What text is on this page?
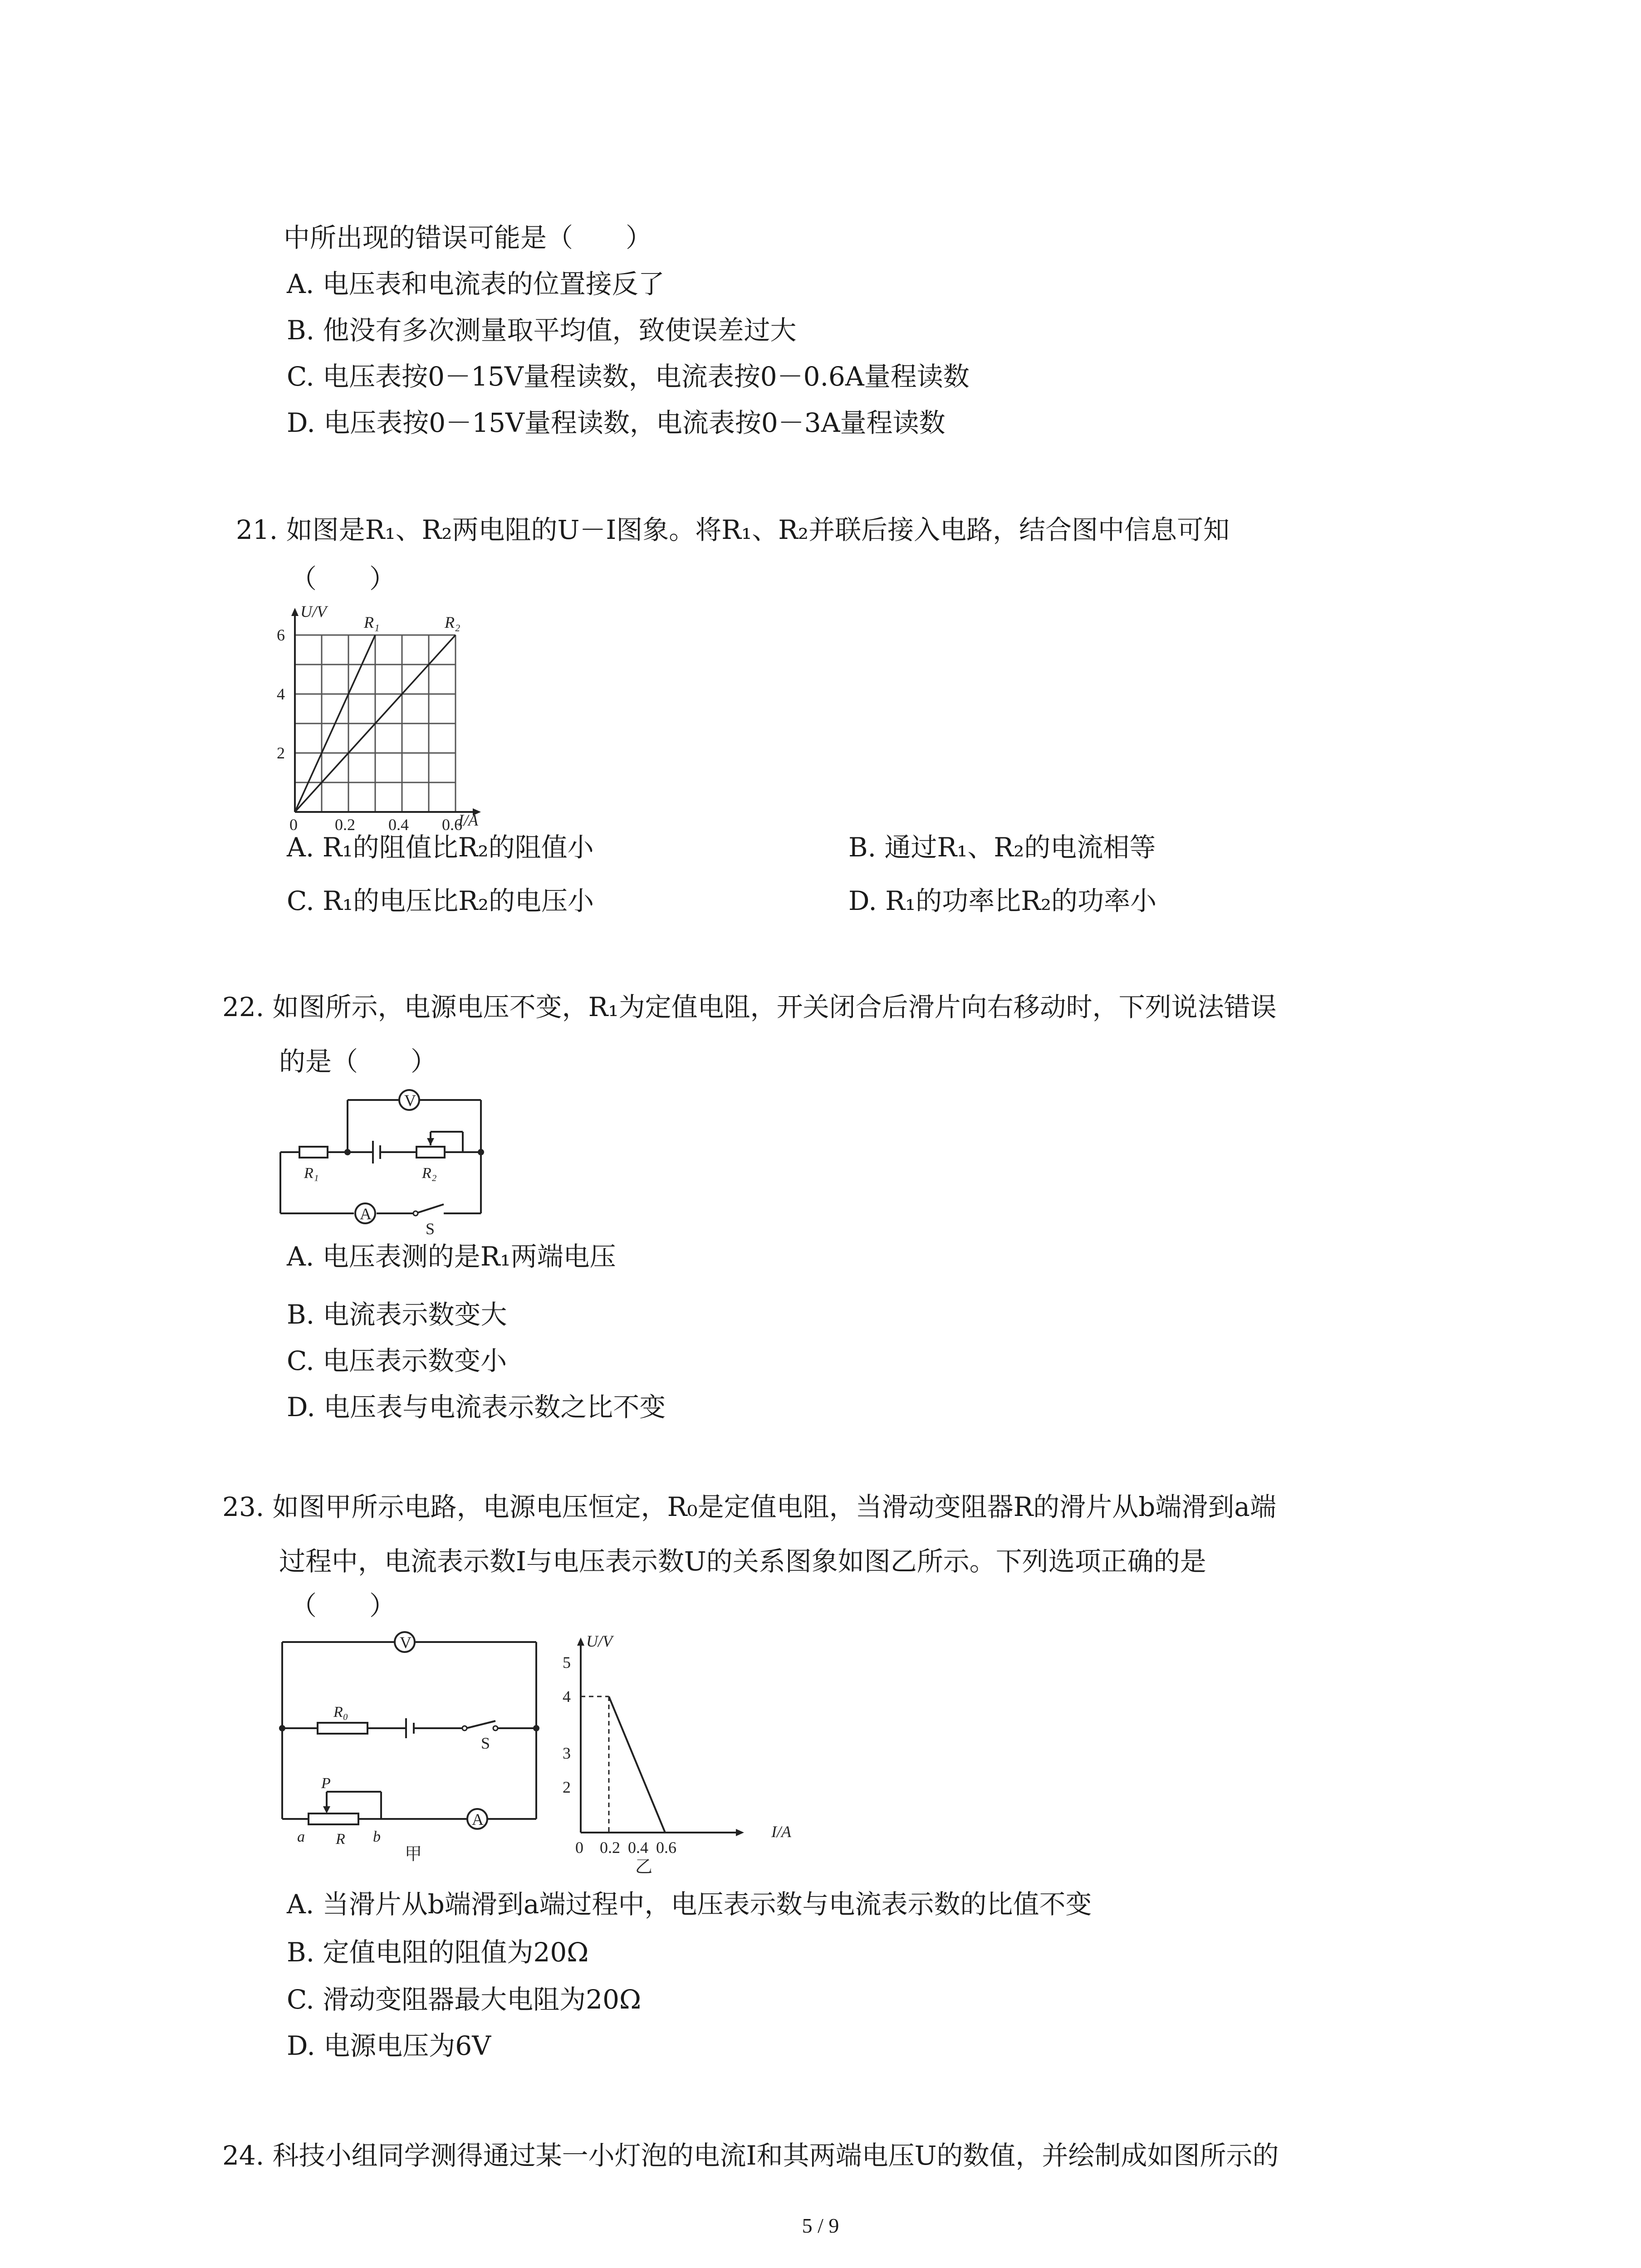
中所出现的错误可能是（　　）
A. 电压表和电流表的位置接反了
B. 他没有多次测量取平均值，致使误差过大
C. 电压表按0－15V量程读数，电流表按0－0.6A量程读数
D. 电压表按0－15V量程读数，电流表按0－3A量程读数
21. 如图是R₁、R₂两电阻的U－I图象。将R₁、R₂并联后接入电路，结合图中信息可知
（　　）
U/V
I/A
R₁	R₂
2
4
6
0 0.2 0.4 0.6
A. R₁的阻值比R₂的阻值小	B. 通过R₁、R₂的电流相等
C. R₁的电压比R₂的电压小	D. R₁的功率比R₂的功率小
22. 如图所示，电源电压不变，R₁为定值电阻，开关闭合后滑片向右移动时，下列说法错误
的是（　　）
V
A
S
R₁	R₂
A. 电压表测的是R₁两端电压
B. 电流表示数变大
C. 电压表示数变小
D. 电压表与电流表示数之比不变
23. 如图甲所示电路，电源电压恒定，R₀是定值电阻，当滑动变阻器R的滑片从b端滑到a端
过程中，电流表示数I与电压表示数U的关系图象如图乙所示。下列选项正确的是
（　　）
V
A
S
R₀
P
a R b
甲
U/V
I/A
2
3
4
5
0 0.2 0.4 0.6
乙
A. 当滑片从b端滑到a端过程中，电压表示数与电流表示数的比值不变
B. 定值电阻的阻值为20Ω
C. 滑动变阻器最大电阻为20Ω
D. 电源电压为6V
24. 科技小组同学测得通过某一小灯泡的电流I和其两端电压U的数值，并绘制成如图所示的
5 / 9
